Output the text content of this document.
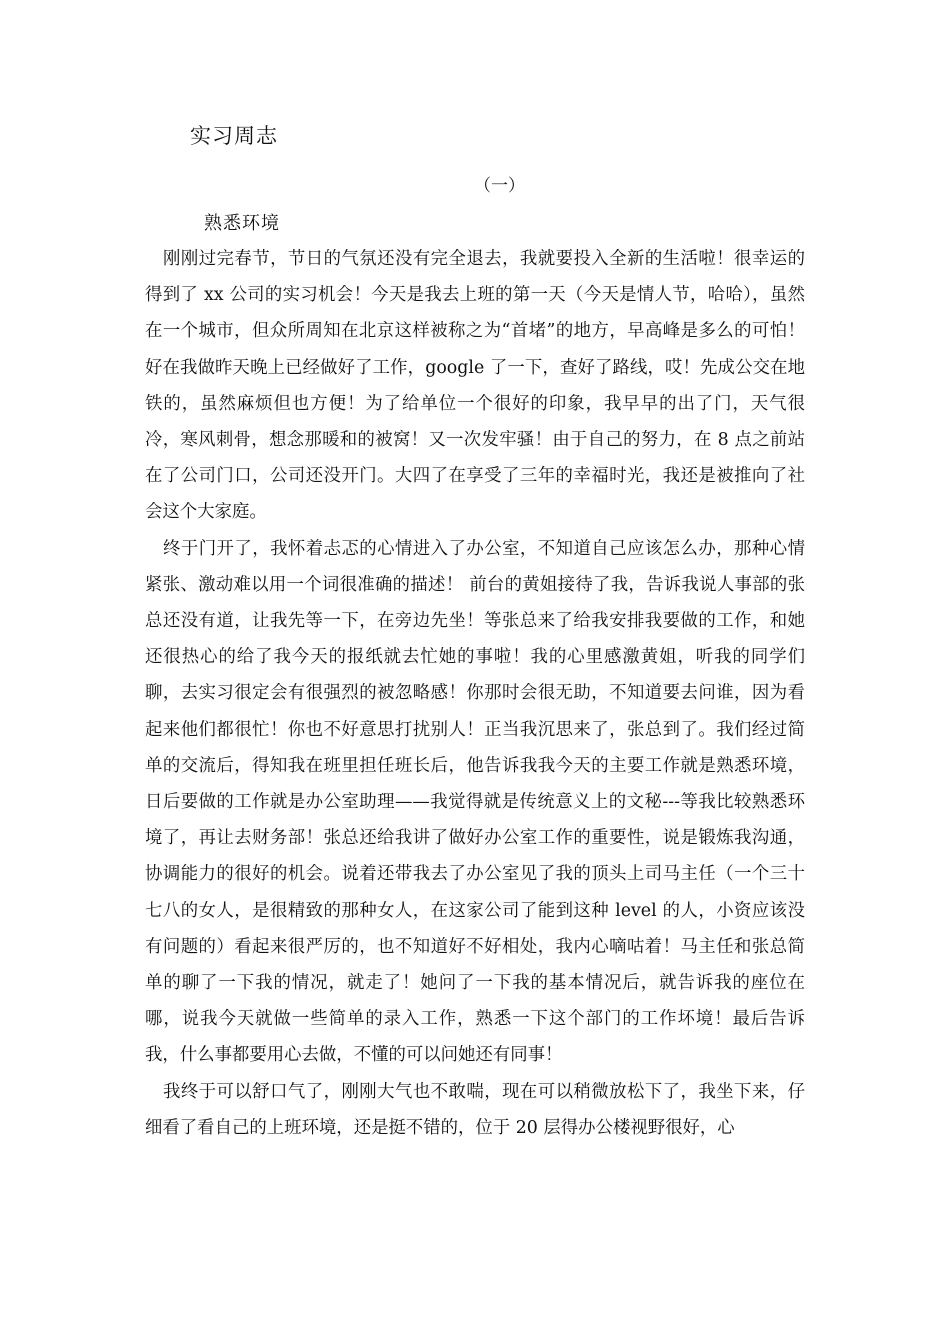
实习周志
（一）
熟悉环境

刚刚过完春节，节日的气氛还没有完全退去，我就要投入全新的生活啦！很幸运的得到了 xx 公司的实习机会！今天是我去上班的第一天（今天是情人节，哈哈），虽然在一个城市，但众所周知在北京这样被称之为“首堵”的地方，早高峰是多么的可怕！好在我做昨天晚上已经做好了工作，google 了一下，查好了路线，哎！先成公交在地铁的，虽然麻烦但也方便！为了给单位一个很好的印象，我早早的出了门，天气很冷，寒风刺骨，想念那暖和的被窝！又一次发牢骚！由于自己的努力，在 8 点之前站在了公司门口，公司还没开门。大四了在享受了三年的幸福时光，我还是被推向了社会这个大家庭。

终于门开了，我怀着忐忑的心情进入了办公室，不知道自己应该怎么办，那种心情紧张、激动难以用一个词很准确的描述！ 前台的黄姐接待了我，告诉我说人事部的张总还没有道，让我先等一下，在旁边先坐！等张总来了给我安排我要做的工作，和她还很热心的给了我今天的报纸就去忙她的事啦！我的心里感激黄姐，听我的同学们聊，去实习很定会有很强烈的被忽略感！你那时会很无助，不知道要去问谁，因为看起来他们都很忙！你也不好意思打扰别人！正当我沉思来了，张总到了。我们经过简单的交流后，得知我在班里担任班长后，他告诉我我今天的主要工作就是熟悉环境，日后要做的工作就是办公室助理——我觉得就是传统意义上的文秘---等我比较熟悉环境了，再让去财务部！张总还给我讲了做好办公室工作的重要性，说是锻炼我沟通，协调能力的很好的机会。说着还带我去了办公室见了我的顶头上司马主任（一个三十七八的女人，是很精致的那种女人，在这家公司了能到这种 level 的人，小资应该没有问题的）看起来很严厉的，也不知道好不好相处，我内心嘀咕着！马主任和张总简单的聊了一下我的情况，就走了！她问了一下我的基本情况后，就告诉我的座位在哪，说我今天就做一些简单的录入工作，熟悉一下这个部门的工作坏境！最后告诉我，什么事都要用心去做，不懂的可以问她还有同事！

我终于可以舒口气了，刚刚大气也不敢喘，现在可以稍微放松下了，我坐下来，仔细看了看自己的上班环境，还是挺不错的，位于 20 层得办公楼视野很好，心
